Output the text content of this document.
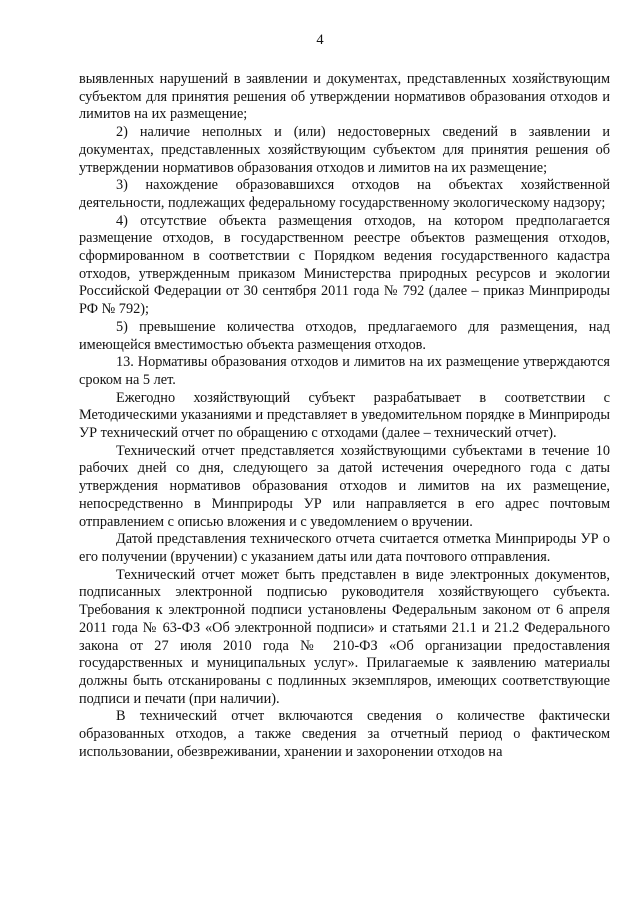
4

выявленных нарушений в заявлении и документах, представленных хозяйствующим субъектом для принятия решения об утверждении нормативов образования отходов и лимитов на их размещение;

2) наличие неполных и (или) недостоверных сведений в заявлении и документах, представленных хозяйствующим субъектом для принятия решения об утверждении нормативов образования отходов и лимитов на их размещение;

3) нахождение образовавшихся отходов на объектах хозяйственной деятельности, подлежащих федеральному государственному экологическому надзору;

4) отсутствие объекта размещения отходов, на котором предполагается размещение отходов, в государственном реестре объектов размещения отходов, сформированном в соответствии с Порядком ведения государственного кадастра отходов, утвержденным приказом Министерства природных ресурсов и экологии Российской Федерации от 30 сентября 2011 года № 792 (далее – приказ Минприроды РФ № 792);

5) превышение количества отходов, предлагаемого для размещения, над имеющейся вместимостью объекта размещения отходов.

13. Нормативы образования отходов и лимитов на их размещение утверждаются сроком на 5 лет.

Ежегодно хозяйствующий субъект разрабатывает в соответствии с Методическими указаниями и представляет в уведомительном порядке в Минприроды УР технический отчет по обращению с отходами (далее – технический отчет).

Технический отчет представляется хозяйствующими субъектами в течение 10 рабочих дней со дня, следующего за датой истечения очередного года с даты утверждения нормативов образования отходов и лимитов на их размещение, непосредственно в Минприроды УР или направляется в его адрес почтовым отправлением с описью вложения и с уведомлением о вручении.

Датой представления технического отчета считается отметка Минприроды УР о его получении (вручении) с указанием даты или дата почтового отправления.

Технический отчет может быть представлен в виде электронных документов, подписанных электронной подписью руководителя хозяйствующего субъекта. Требования к электронной подписи установлены Федеральным законом от 6 апреля 2011 года № 63-ФЗ «Об электронной подписи» и статьями 21.1 и 21.2 Федерального закона от 27 июля 2010 года № 210-ФЗ «Об организации предоставления государственных и муниципальных услуг». Прилагаемые к заявлению материалы должны быть отсканированы с подлинных экземпляров, имеющих соответствующие подписи и печати (при наличии).

В технический отчет включаются сведения о количестве фактически образованных отходов, а также сведения за отчетный период о фактическом использовании, обезвреживании, хранении и захоронении отходов на
